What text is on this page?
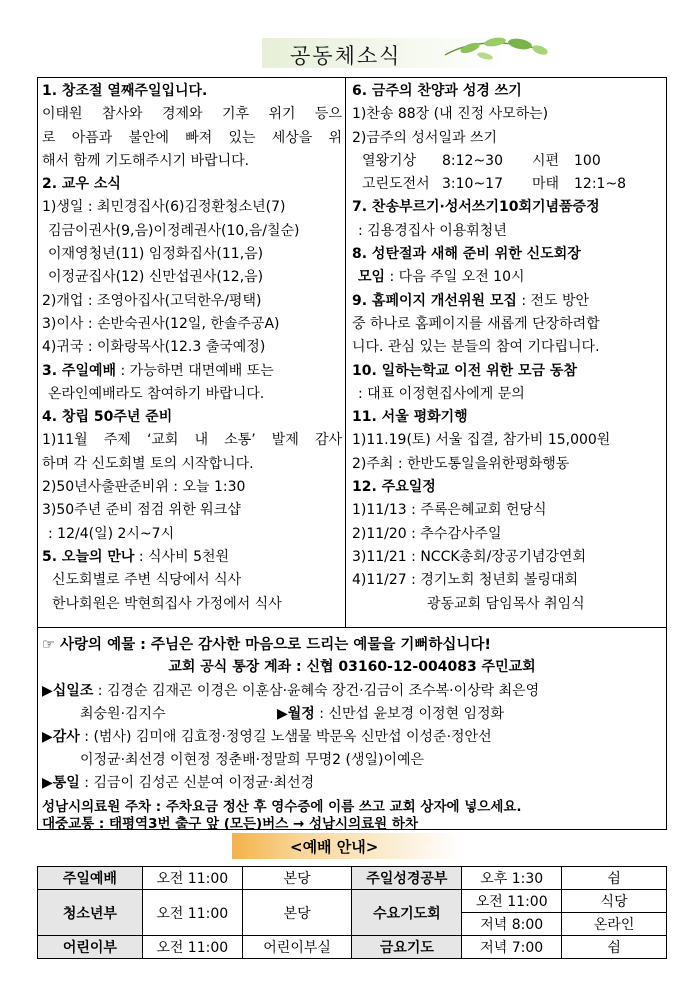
공동체소식
1. 창조절 열째주일입니다.
이태원 참사와 경제와 기후 위기 등으
로 아픔과 불안에 빠져 있는 세상을 위
해서 함께 기도해주시기 바랍니다.
2. 교우 소식
1)생일 : 최민경집사(6)김정환청소년(7)
김금이권사(9,음)이정례권사(10,음/칠순)
이재영청년(11) 임정화집사(11,음)
이정균집사(12) 신만섭권사(12,음)
2)개업 : 조영아집사(고덕한우/평택)
3)이사 : 손반숙권사(12일, 한솔주공A)
4)귀국 : 이화랑목사(12.3 출국예정)
3. 주일예배 : 가능하면 대면예배 또는
온라인예배라도 참여하기 바랍니다.
4. 창립 50주년 준비
1)11월 주제 ‘교회 내 소통’ 발제 감사
하며 각 신도회별 토의 시작합니다.
2)50년사출판준비위 : 오늘 1:30
3)50주년 준비 점검 위한 워크샵
: 12/4(일) 2시~7시
5. 오늘의 만나 : 식사비 5천원
신도회별로 주변 식당에서 식사
한나회원은 박현희집사 가정에서 식사
6. 금주의 찬양과 성경 쓰기
1)찬송 88장 (내 진정 사모하는)
2)금주의 성서일과 쓰기
열왕기상 8:12~30 시편 100
고린도전서 3:10~17 마태 12:1~8
7. 찬송부르기·성서쓰기10회기념품증정
: 김용경집사 이용휘청년
8. 성탄절과 새해 준비 위한 신도회장
모임 : 다음 주일 오전 10시
9. 홈페이지 개선위원 모집 : 전도 방안
중 하나로 홈페이지를 새롭게 단장하려합
니다. 관심 있는 분들의 참여 기다립니다.
10. 일하는학교 이전 위한 모금 동참
: 대표 이정현집사에게 문의
11. 서울 평화기행
1)11.19(토) 서울 집결, 참가비 15,000원
2)주최 : 한반도통일을위한평화행동
12. 주요일정
1)11/13 : 주록은혜교회 헌당식
2)11/20 : 추수감사주일
3)11/21 : NCCK총회/장공기념강연회
4)11/27 : 경기노회 청년회 볼링대회
광동교회 담임목사 취임식
☞ 사랑의 예물 : 주님은 감사한 마음으로 드리는 예물을 기뻐하십니다!
교회 공식 통장 계좌 : 신협 03160-12-004083 주민교회
▶십일조 : 김경순 김재곤 이경은 이훈삼·윤혜숙 장건·김금이 조수복·이상락 최은영
최숭원·김지수	▶월정 : 신만섭 윤보경 이정현 임정화
▶감사 : (범사) 김미애 김효정·정영길 노샘물 박문옥 신만섭 이성준·정안선
이정균·최선경 이현정 정춘배·정말희 무명2 (생일)이예은
▶통일 : 김금이 김성곤 신분여 이정균·최선경
성남시의료원 주차 : 주차요금 정산 후 영수증에 이름 쓰고 교회 상자에 넣으세요.
대중교통 : 태평역3번 출구 앞 (모든)버스 → 성남시의료원 하차
<예배 안내>
주일예배	오전 11:00	본당	주일성경공부	오후 1:30	쉼
청소년부	오전 11:00	본당	수요기도회	오전 11:00	식당
				저녁 8:00	온라인
어린이부	오전 11:00	어린이부실	금요기도	저녁 7:00	쉼
